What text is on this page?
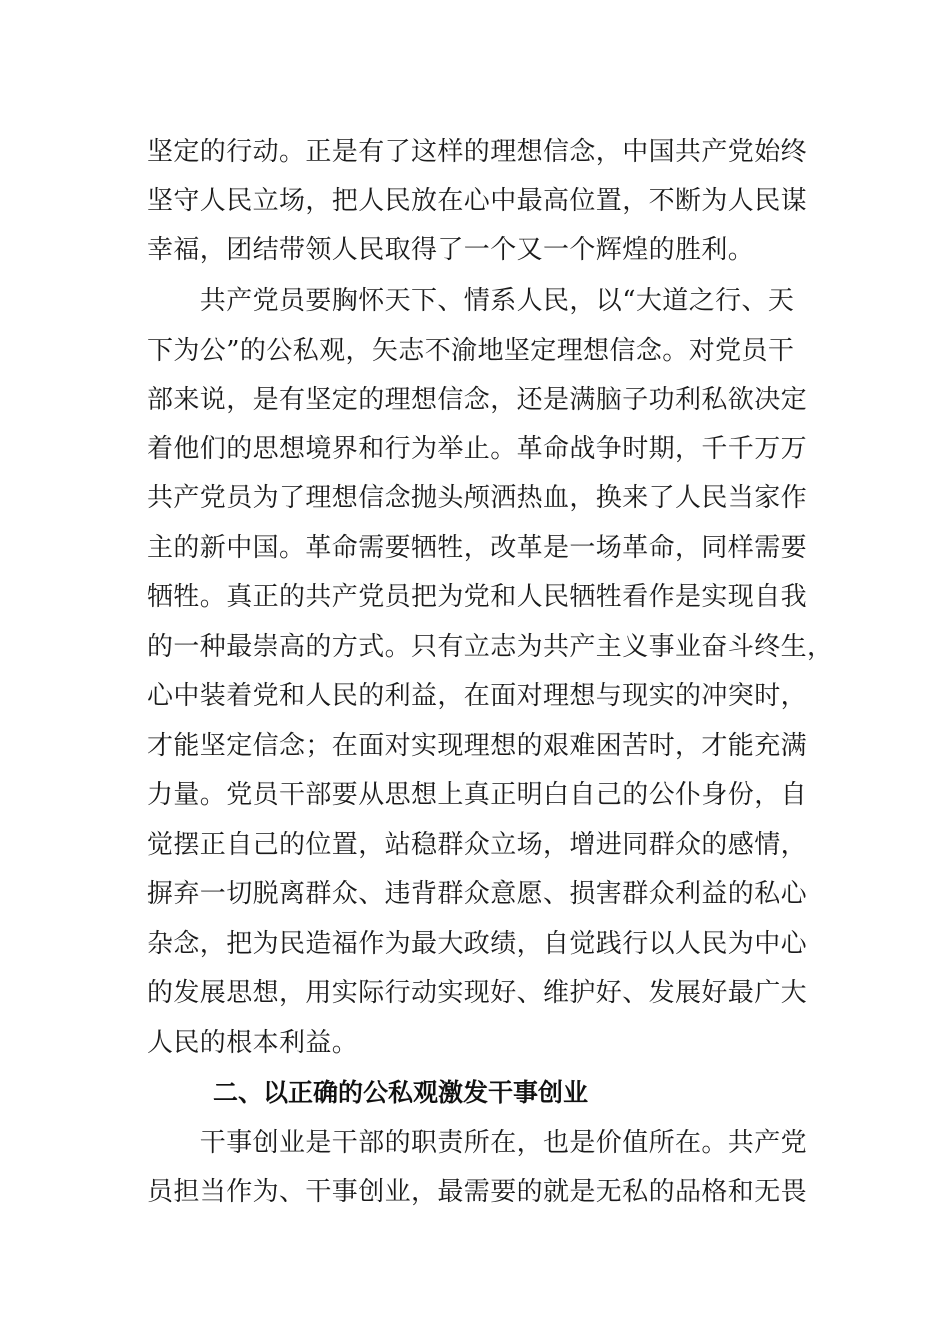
坚定的行动。正是有了这样的理想信念，中国共产党始终
坚守人民立场，把人民放在心中最高位置，不断为人民谋
幸福，团结带领人民取得了一个又一个辉煌的胜利。
　　共产党员要胸怀天下、情系人民，以“大道之行、天
下为公”的公私观，矢志不渝地坚定理想信念。对党员干
部来说，是有坚定的理想信念，还是满脑子功利私欲决定
着他们的思想境界和行为举止。革命战争时期，千千万万
共产党员为了理想信念抛头颅洒热血，换来了人民当家作
主的新中国。革命需要牺牲，改革是一场革命，同样需要
牺牲。真正的共产党员把为党和人民牺牲看作是实现自我
的一种最崇高的方式。只有立志为共产主义事业奋斗终生，
心中装着党和人民的利益，在面对理想与现实的冲突时，
才能坚定信念；在面对实现理想的艰难困苦时，才能充满
力量。党员干部要从思想上真正明白自己的公仆身份，自
觉摆正自己的位置，站稳群众立场，增进同群众的感情，
摒弃一切脱离群众、违背群众意愿、损害群众利益的私心
杂念，把为民造福作为最大政绩，自觉践行以人民为中心
的发展思想，用实际行动实现好、维护好、发展好最广大
人民的根本利益。
二、以正确的公私观激发干事创业
　　干事创业是干部的职责所在，也是价值所在。共产党
员担当作为、干事创业，最需要的就是无私的品格和无畏
